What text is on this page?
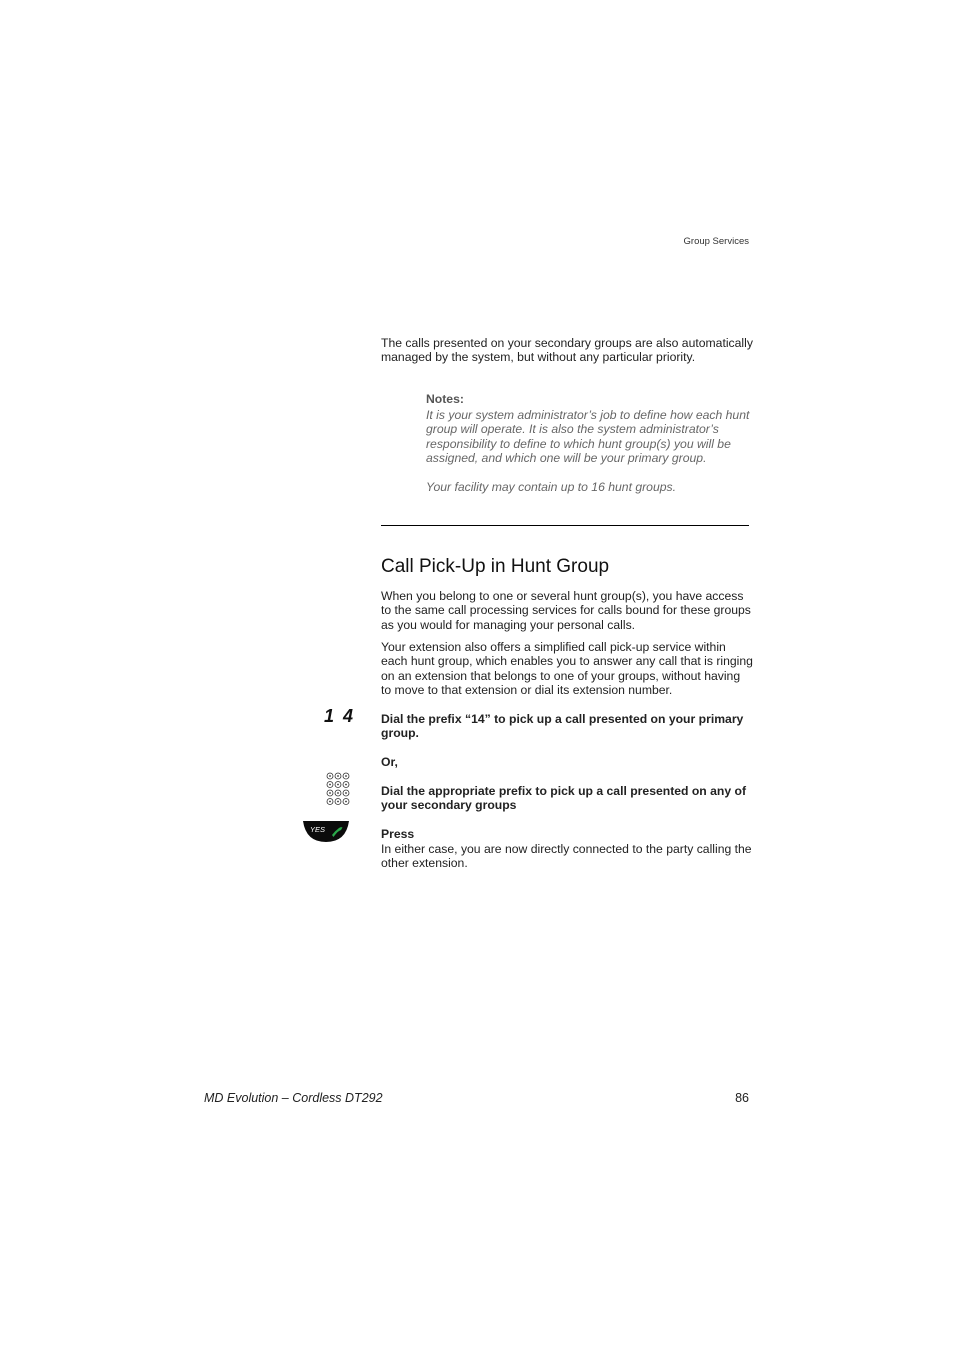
Group Services

The calls presented on your secondary groups are also automatically managed by the system, but without any particular priority.

Notes:

It is your system administrator’s job to define how each hunt group will operate. It is also the system administrator’s responsibility to define to which hunt group(s) you will be assigned, and which one will be your primary group.

Your facility may contain up to 16 hunt groups.

Call Pick-Up in Hunt Group

When you belong to one or several hunt group(s), you have access to the same call processing services for calls bound for these groups as you would for managing your personal calls.

Your extension also offers a simplified call pick-up service within each hunt group, which enables you to answer any call that is ringing on an extension that belongs to one of your groups, without having to move to that extension or dial its extension number.

1 4 Dial the prefix “14” to pick up a call presented on your primary group.

Or,

Dial the appropriate prefix to pick up a call presented on any of your secondary groups

YES	Press

In either case, you are now directly connected to the party calling the other extension.

MD Evolution – Cordless DT292	86
